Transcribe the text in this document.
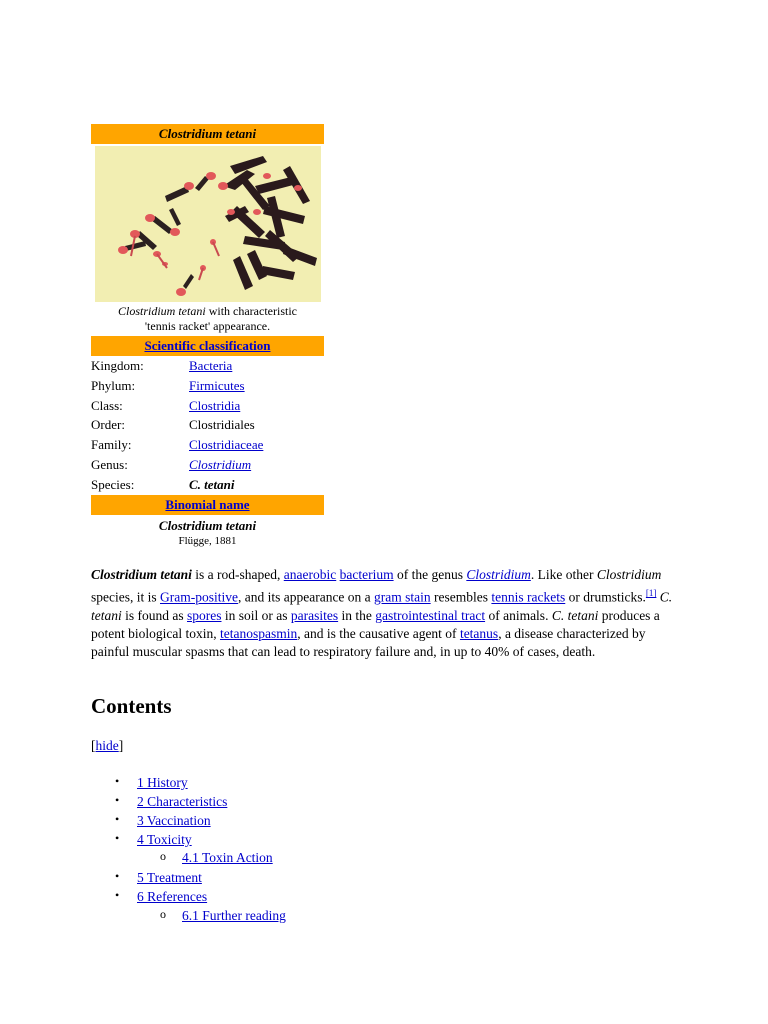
Clostridium tetani
Clostridium tetani with characteristic
'tennis racket' appearance.
Scientific classification
Kingdom:	Bacteria
Phylum:	Firmicutes
Class:	Clostridia
Order:	Clostridiales
Family:	Clostridiaceae
Genus:	Clostridium
Species:	C. tetani
Binomial name
Clostridium tetani
Flügge, 1881
Clostridium tetani is a rod-shaped, anaerobic bacterium of the genus Clostridium. Like other Clostridium species, it is Gram-positive, and its appearance on a gram stain resembles tennis rackets or drumsticks.[1] C. tetani is found as spores in soil or as parasites in the gastrointestinal tract of animals. C. tetani produces a potent biological toxin, tetanospasmin, and is the causative agent of tetanus, a disease characterized by painful muscular spasms that can lead to respiratory failure and, in up to 40% of cases, death.
Contents
[hide]
• 1 History
• 2 Characteristics
• 3 Vaccination
• 4 Toxicity
o 4.1 Toxin Action
• 5 Treatment
• 6 References
o 6.1 Further reading
